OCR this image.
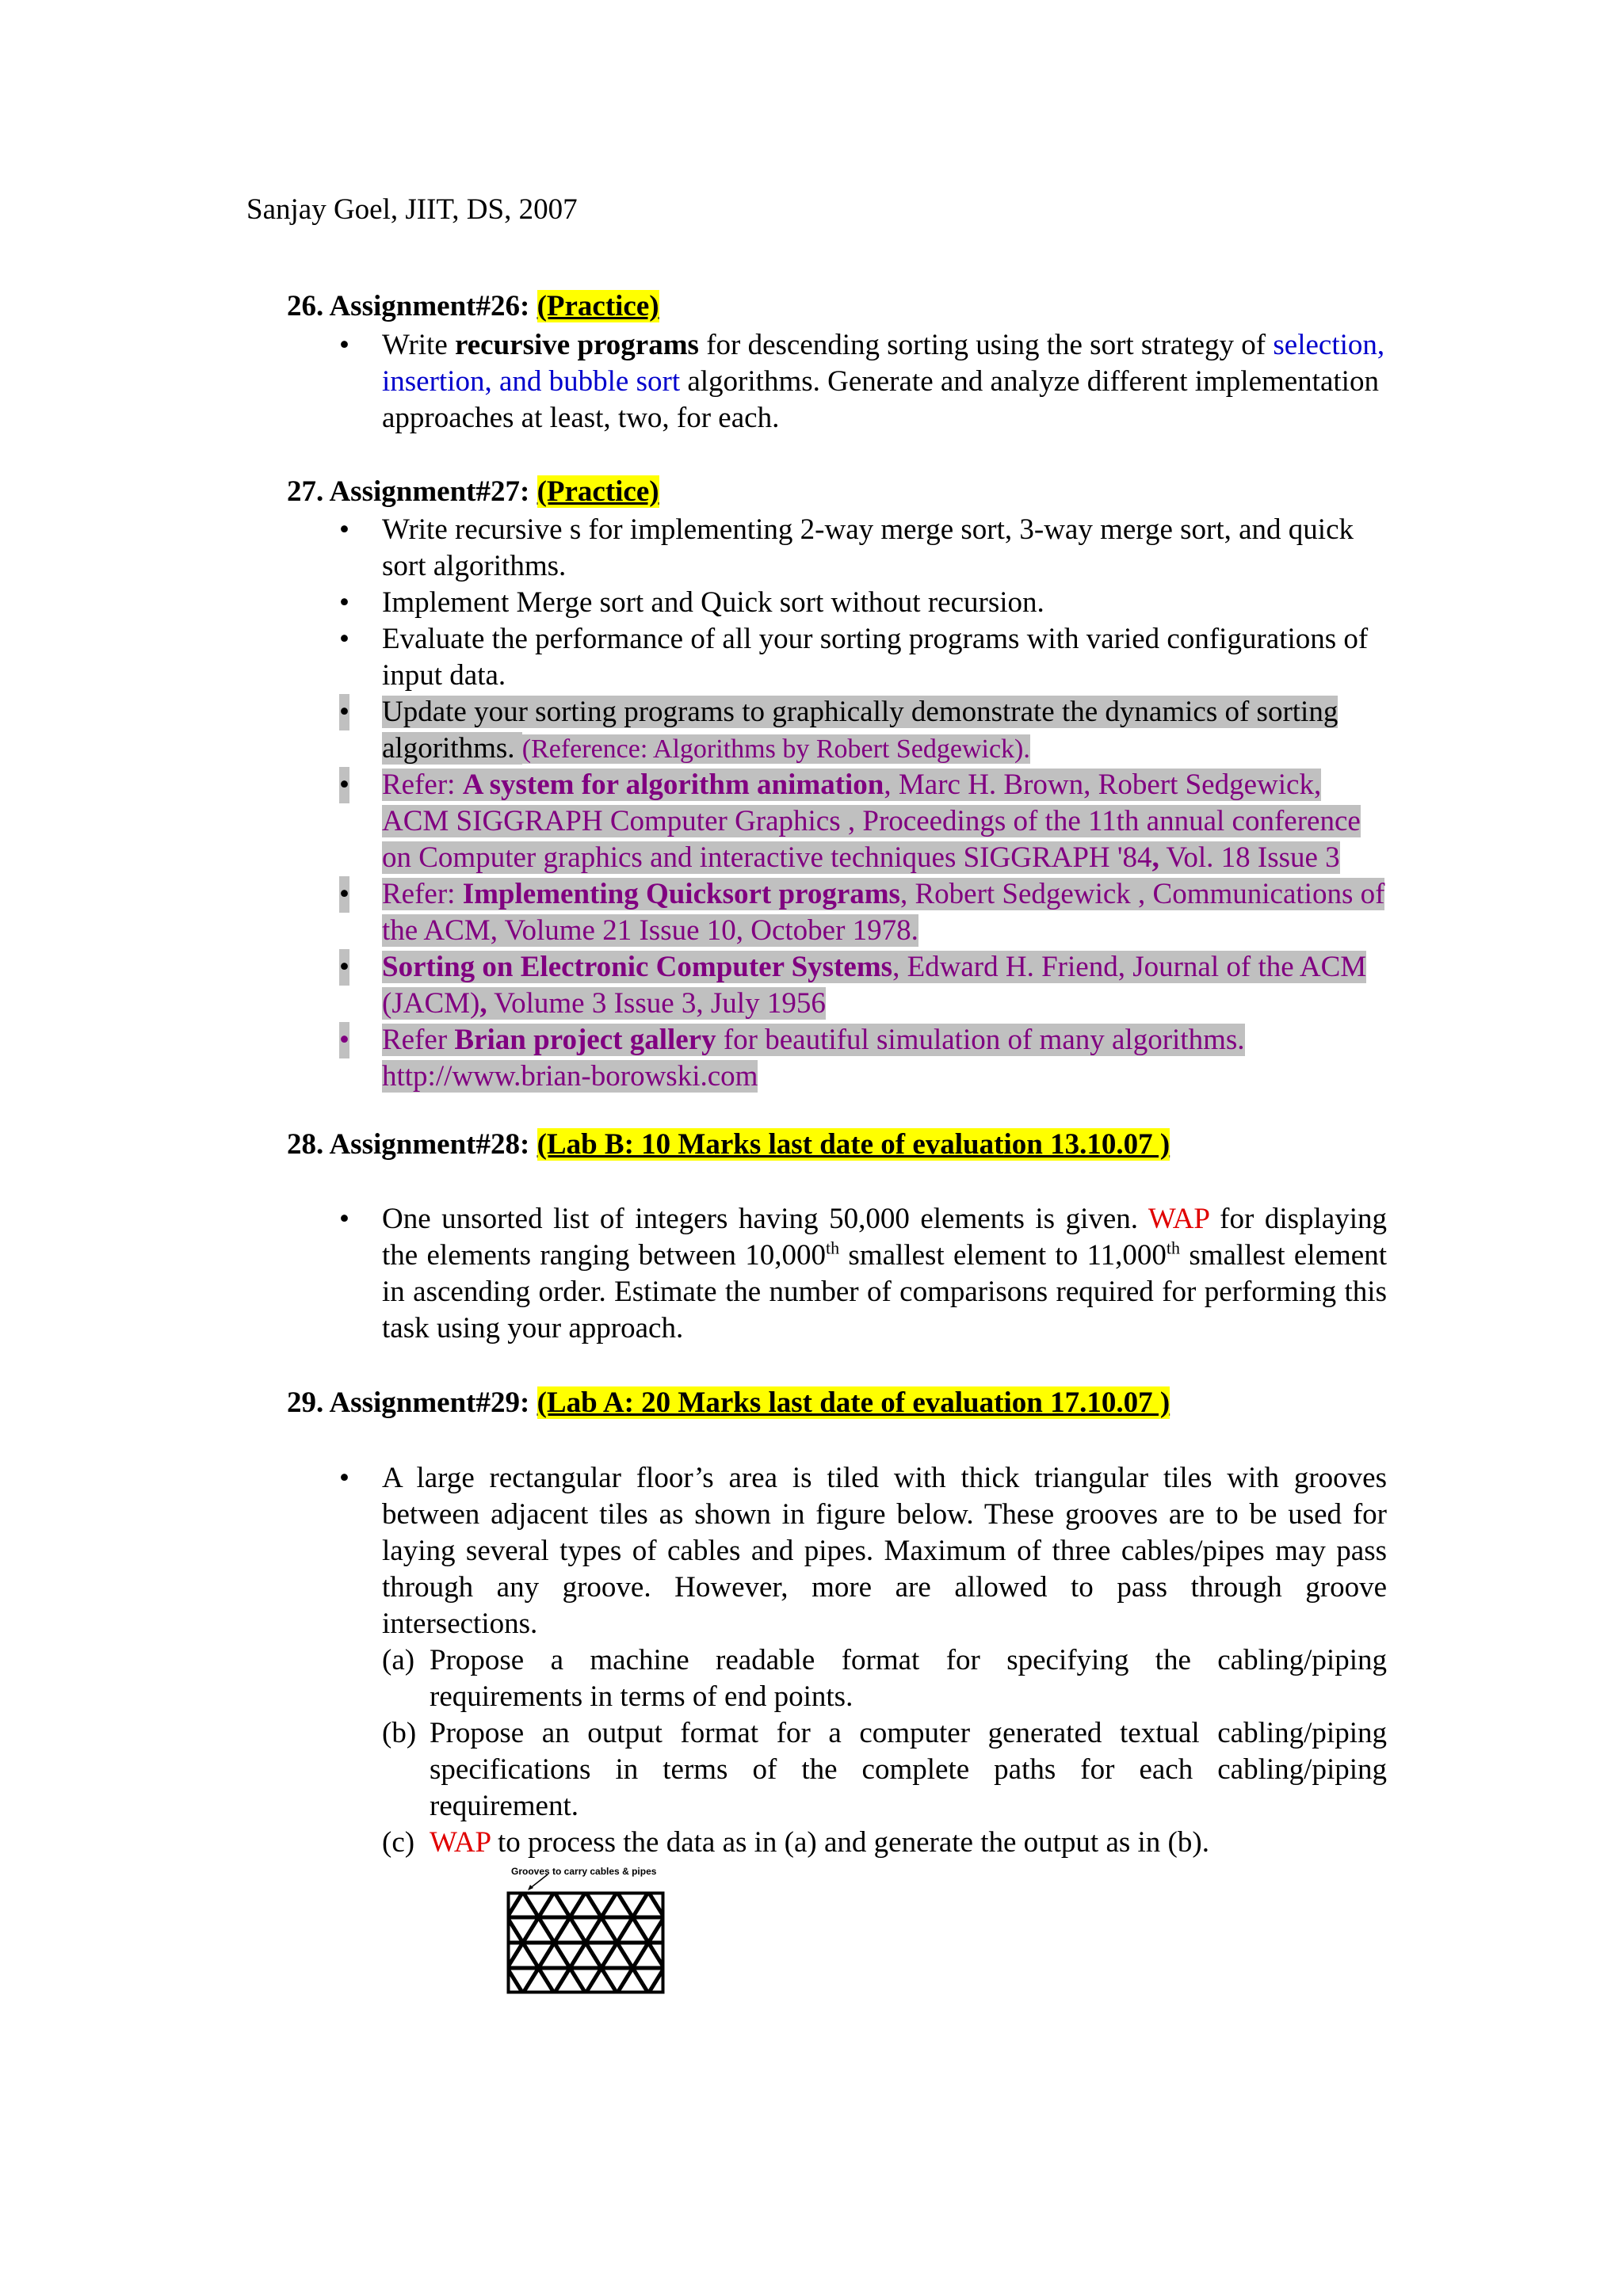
Sanjay Goel, JIIT, DS, 2007
26. Assignment#26: (Practice)
• Write recursive programs for descending sorting using the sort strategy of selection, insertion, and bubble sort algorithms. Generate and analyze different implementation approaches at least, two, for each.
27. Assignment#27: (Practice)
• Write recursive s for implementing 2-way merge sort, 3-way merge sort, and quick sort algorithms.
• Implement Merge sort and Quick sort without recursion.
• Evaluate the performance of all your sorting programs with varied configurations of input data.
• Update your sorting programs to graphically demonstrate the dynamics of sorting algorithms. (Reference: Algorithms by Robert Sedgewick).
• Refer: A system for algorithm animation, Marc H. Brown, Robert Sedgewick, ACM SIGGRAPH Computer Graphics , Proceedings of the 11th annual conference on Computer graphics and interactive techniques SIGGRAPH '84, Vol. 18 Issue 3
• Refer: Implementing Quicksort programs, Robert Sedgewick , Communications of the ACM, Volume 21 Issue 10, October 1978.
• Sorting on Electronic Computer Systems, Edward H. Friend, Journal of the ACM (JACM), Volume 3 Issue 3, July 1956
• Refer Brian project gallery for beautiful simulation of many algorithms. http://www.brian-borowski.com
28. Assignment#28: (Lab B: 10 Marks last date of evaluation 13.10.07 )
• One unsorted list of integers having 50,000 elements is given. WAP for displaying the elements ranging between 10,000th smallest element to 11,000th smallest element in ascending order. Estimate the number of comparisons required for performing this task using your approach.
29. Assignment#29: (Lab A: 20 Marks last date of evaluation 17.10.07 )
• A large rectangular floor’s area is tiled with thick triangular tiles with grooves between adjacent tiles as shown in figure below. These grooves are to be used for laying several types of cables and pipes. Maximum of three cables/pipes may pass through any groove. However, more are allowed to pass through groove intersections.
(a) Propose a machine readable format for specifying the cabling/piping requirements in terms of end points.
(b) Propose an output format for a computer generated textual cabling/piping specifications in terms of the complete paths for each cabling/piping requirement.
(c) WAP to process the data as in (a) and generate the output as in (b).
Grooves to carry cables & pipes
